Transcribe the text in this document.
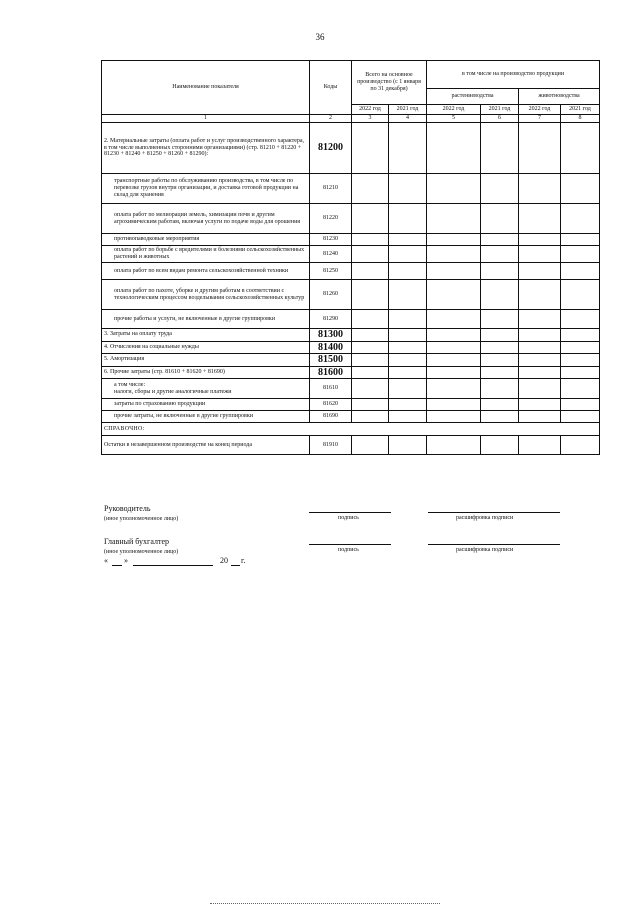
36
Наименование показателя	Коды	Всего на основное производство (с 1 января по 31 декабря)		в том числе на производство продукции			
				растениеводства		животноводства	
		2022 год	2021 год	2022 год	2021 год	2022 год	2021 год
1	2	3	4	5	6	7	8
2. Материальные затраты (оплата работ и услуг производственного характера, в том числе выполненных сторонними организациями) (стр. 81210 + 81220 + 81230 + 81240 + 81250 + 81260 + 81290):	81200						
транспортные работы по обслуживанию производства, в том числе по перевозке грузов внутри организации, и доставка готовой продукции на склад для хранения	81210						
оплата работ по мелиорации земель, химизации почв и другим агрохимическим работам, включая услуги по подаче воды для орошения	81220						
противопаводковые мероприятия	81230						
оплата работ по борьбе с вредителями и болезнями сельскохозяйственных растений и животных	81240						
оплата работ по всем видам ремонта сельскохозяйственной техники	81250						
оплата работ по пахоте, уборке и другим работам в соответствии с технологическим процессом возделывания сельскохозяйственных культур	81260						
прочие работы и услуги, не включенные в другие группировки	81290						
3. Затраты на оплату труда	81300						
4. Отчисления на социальные нужды	81400						
5. Амортизация	81500						
6. Прочие затраты (стр. 81610 + 81620 + 81690)	81600						

а том числе:
налоги, сборы и другие аналогичные платежи	81610						
затраты по страхованию продукции	81620						
прочие затраты, не включенные в другие группировки	81690						
СПРАВОЧНО:							
Остатки в незавершенном производстве на конец периода	81910						
Руководитель
(иное уполномоченное лицо)	подпись	расшифровка подписи
Главный бухгалтер
(иное уполномоченное лицо)	подпись	расшифровка подписи
« »	20 г.
